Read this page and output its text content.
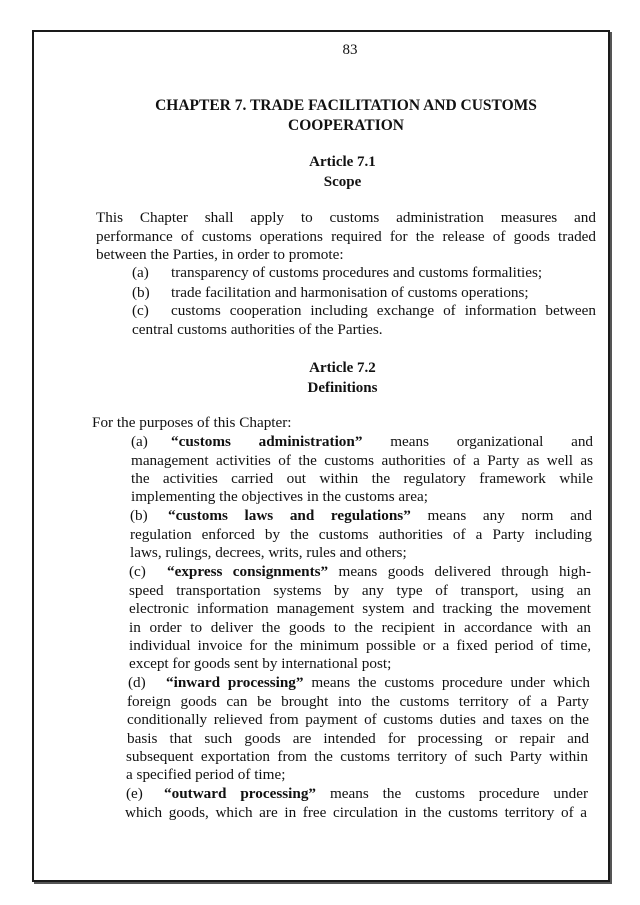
83
CHAPTER 7. TRADE FACILITATION AND CUSTOMS
COOPERATION
Article 7.1
Scope
This Chapter shall apply to customs administration measures and
performance of customs operations required for the release of goods traded
between the Parties, in order to promote:
(a) transparency of customs procedures and customs formalities;
(b) trade facilitation and harmonisation of customs operations;
(c) customs cooperation including exchange of information between
central customs authorities of the Parties.
Article 7.2
Definitions
For the purposes of this Chapter:
(a) “customs administration” means organizational and
management activities of the customs authorities of a Party as well as
the activities carried out within the regulatory framework while
implementing the objectives in the customs area;
(b) “customs laws and regulations” means any norm and
regulation enforced by the customs authorities of a Party including
laws, rulings, decrees, writs, rules and others;
(c) “express consignments” means goods delivered through high-
speed transportation systems by any type of transport, using an
electronic information management system and tracking the movement
in order to deliver the goods to the recipient in accordance with an
individual invoice for the minimum possible or a fixed period of time,
except for goods sent by international post;
(d) “inward processing” means the customs procedure under which
foreign goods can be brought into the customs territory of a Party
conditionally relieved from payment of customs duties and taxes on the
basis that such goods are intended for processing or repair and
subsequent exportation from the customs territory of such Party within
a specified period of time;
(e) “outward processing” means the customs procedure under
which goods, which are in free circulation in the customs territory of a
